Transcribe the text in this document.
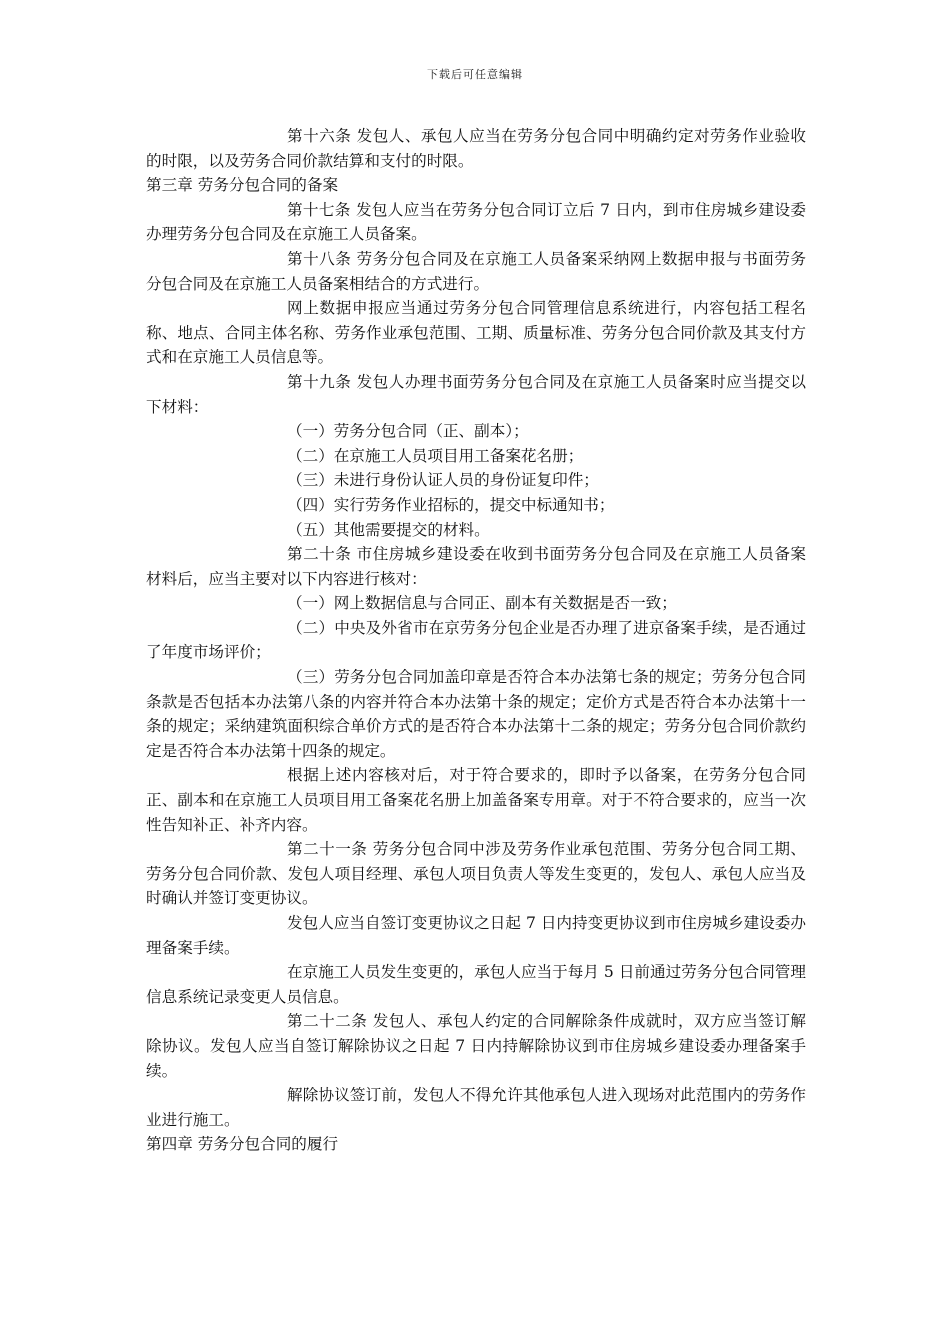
下载后可任意编辑

第十六条 发包人、承包人应当在劳务分包合同中明确约定对劳务作业验收的时限，以及劳务合同价款结算和支付的时限。

第三章 劳务分包合同的备案

第十七条 发包人应当在劳务分包合同订立后 7 日内，到市住房城乡建设委办理劳务分包合同及在京施工人员备案。

第十八条 劳务分包合同及在京施工人员备案采纳网上数据申报与书面劳务分包合同及在京施工人员备案相结合的方式进行。

网上数据申报应当通过劳务分包合同管理信息系统进行，内容包括工程名称、地点、合同主体名称、劳务作业承包范围、工期、质量标准、劳务分包合同价款及其支付方式和在京施工人员信息等。

第十九条 发包人办理书面劳务分包合同及在京施工人员备案时应当提交以下材料：

（一）劳务分包合同（正、副本）；

（二）在京施工人员项目用工备案花名册；

（三）未进行身份认证人员的身份证复印件；

（四）实行劳务作业招标的，提交中标通知书；

（五）其他需要提交的材料。

第二十条 市住房城乡建设委在收到书面劳务分包合同及在京施工人员备案材料后，应当主要对以下内容进行核对：

（一）网上数据信息与合同正、副本有关数据是否一致；

（二）中央及外省市在京劳务分包企业是否办理了进京备案手续，是否通过了年度市场评价；

（三）劳务分包合同加盖印章是否符合本办法第七条的规定；劳务分包合同条款是否包括本办法第八条的内容并符合本办法第十条的规定；定价方式是否符合本办法第十一条的规定；采纳建筑面积综合单价方式的是否符合本办法第十二条的规定；劳务分包合同价款约定是否符合本办法第十四条的规定。

根据上述内容核对后，对于符合要求的，即时予以备案，在劳务分包合同正、副本和在京施工人员项目用工备案花名册上加盖备案专用章。对于不符合要求的，应当一次性告知补正、补齐内容。

第二十一条 劳务分包合同中涉及劳务作业承包范围、劳务分包合同工期、劳务分包合同价款、发包人项目经理、承包人项目负责人等发生变更的，发包人、承包人应当及时确认并签订变更协议。

发包人应当自签订变更协议之日起 7 日内持变更协议到市住房城乡建设委办理备案手续。

在京施工人员发生变更的，承包人应当于每月 5 日前通过劳务分包合同管理信息系统记录变更人员信息。

第二十二条 发包人、承包人约定的合同解除条件成就时，双方应当签订解除协议。发包人应当自签订解除协议之日起 7 日内持解除协议到市住房城乡建设委办理备案手续。

解除协议签订前，发包人不得允许其他承包人进入现场对此范围内的劳务作业进行施工。

第四章 劳务分包合同的履行
